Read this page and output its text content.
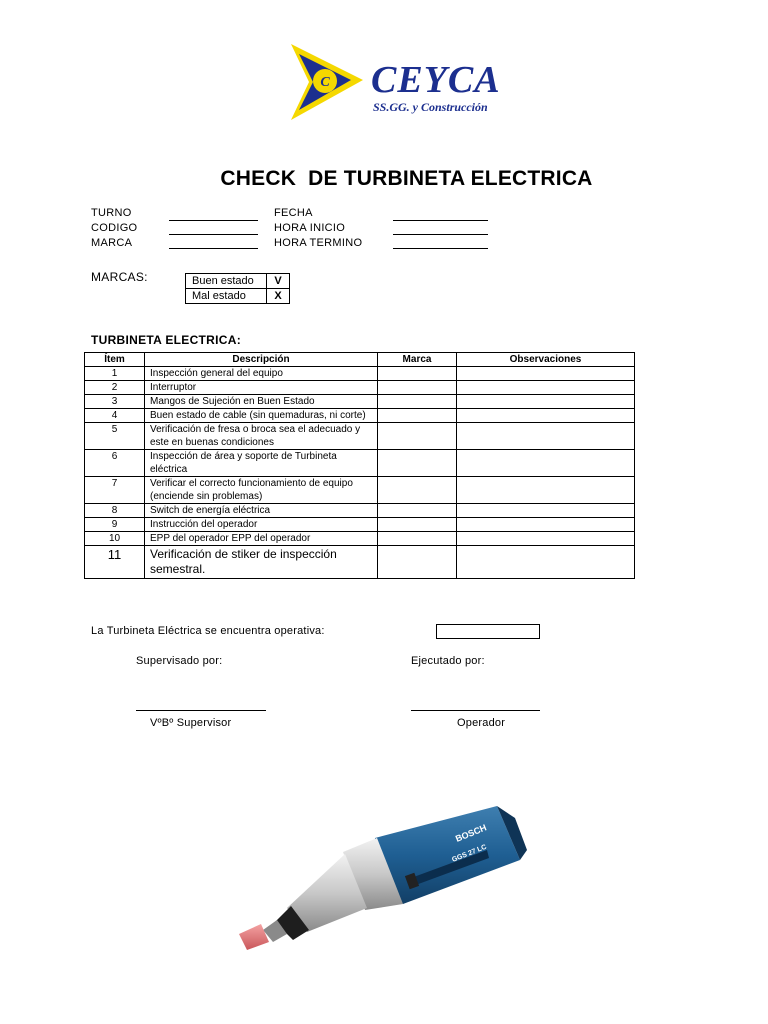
C CEYCA
SS.GG. y Construcción
CHECK  DE TURBINETA ELECTRICA
TURNO
CODIGO
MARCA
FECHA
HORA INICIO
HORA TERMINO
MARCAS:	Buen estado	V
Mal estado	X
TURBINETA ELECTRICA:
Ítem	Descripción	Marca	Observaciones
1	Inspección general del equipo		
2	Interruptor		
3	Mangos de Sujeción en Buen Estado		
4	Buen estado de cable (sin quemaduras, ni corte)		
5	Verificación de fresa o broca sea el adecuado y este en buenas condiciones		
6	Inspección de área y soporte de Turbineta eléctrica		
7	Verificar el correcto funcionamiento de equipo (enciende sin problemas)		
8	Switch de energía eléctrica		
9	Instrucción del operador		
10	EPP del operador EPP del operador		
11	Verificación de stiker de inspección semestral.		
La Turbineta Eléctrica se encuentra operativa:
Supervisado por:	Ejecutado por:
VºBº Supervisor	Operador
BOSCH
GGS 27 LC
